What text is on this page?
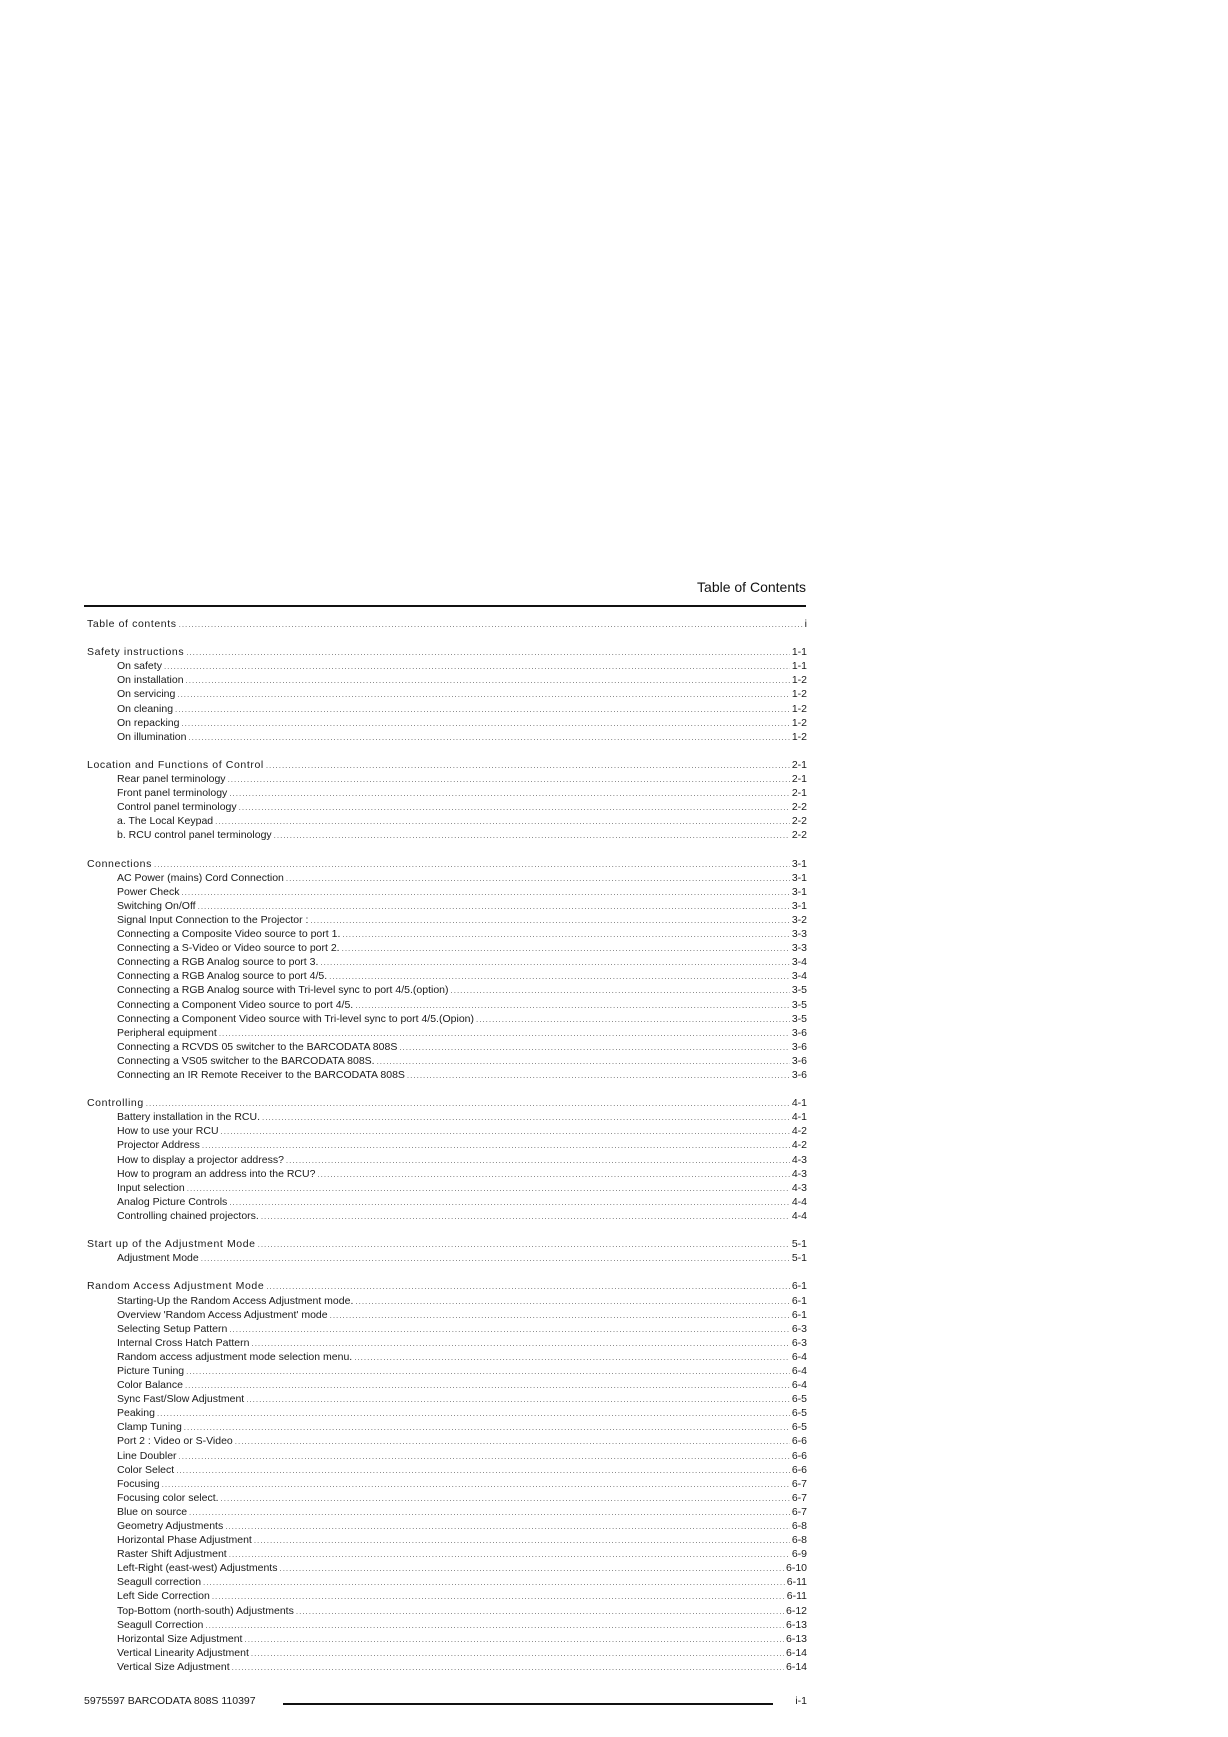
Table of Contents
Table of contents .....	i
Safety instructions .....	1-1
On safety .....	1-1
On installation .....	1-2
On servicing .....	1-2
On cleaning .....	1-2
On repacking .....	1-2
On illumination .....	1-2
Location and Functions of Control .....	2-1
Rear panel terminology .....	2-1
Front panel terminology .....	2-1
Control panel terminology .....	2-2
a. The Local Keypad .....	2-2
b. RCU control panel terminology .....	2-2
Connections .....	3-1
AC Power (mains) Cord Connection .....	3-1
Power Check .....	3-1
Switching On/Off .....	3-1
Signal Input Connection to the Projector : .....	3-2
Connecting a Composite Video source to port 1. .....	3-3
Connecting a S-Video or Video source to port 2. .....	3-3
Connecting a RGB Analog source to port 3. .....	3-4
Connecting a RGB Analog source to port 4/5. .....	3-4
Connecting a RGB Analog source with Tri-level sync to port 4/5.(option) .....	3-5
Connecting a Component Video source to port 4/5. .....	3-5
Connecting a Component Video source with Tri-level sync to port 4/5.(Opion) .....	3-5
Peripheral equipment .....	3-6
Connecting a RCVDS 05 switcher to the BARCODATA 808S .....	3-6
Connecting a VS05 switcher to the BARCODATA 808S. .....	3-6
Connecting an IR Remote Receiver to the BARCODATA 808S .....	3-6
Controlling .....	4-1
Battery installation in the RCU. .....	4-1
How to use your RCU .....	4-2
Projector Address .....	4-2
How to display a projector address? .....	4-3
How to program an address into the RCU? .....	4-3
Input selection .....	4-3
Analog Picture Controls .....	4-4
Controlling chained projectors. .....	4-4
Start up of the Adjustment Mode .....	5-1
Adjustment Mode .....	5-1
Random Access Adjustment Mode .....	6-1
Starting-Up the Random Access Adjustment mode. .....	6-1
Overview 'Random Access Adjustment' mode .....	6-1
Selecting Setup Pattern .....	6-3
Internal Cross Hatch Pattern .....	6-3
Random access adjustment mode selection menu. .....	6-4
Picture Tuning .....	6-4
Color Balance .....	6-4
Sync Fast/Slow Adjustment .....	6-5
Peaking .....	6-5
Clamp Tuning .....	6-5
Port 2 : Video or S-Video .....	6-6
Line Doubler .....	6-6
Color Select .....	6-6
Focusing .....	6-7
Focusing color select. .....	6-7
Blue on source .....	6-7
Geometry Adjustments .....	6-8
Horizontal Phase Adjustment .....	6-8
Raster Shift Adjustment .....	6-9
Left-Right (east-west) Adjustments .....	6-10
Seagull correction .....	6-11
Left Side Correction .....	6-11
Top-Bottom (north-south) Adjustments .....	6-12
Seagull Correction .....	6-13
Horizontal Size Adjustment .....	6-13
Vertical Linearity Adjustment .....	6-14
Vertical Size Adjustment .....	6-14
5975597 BARCODATA 808S 110397	i-1
